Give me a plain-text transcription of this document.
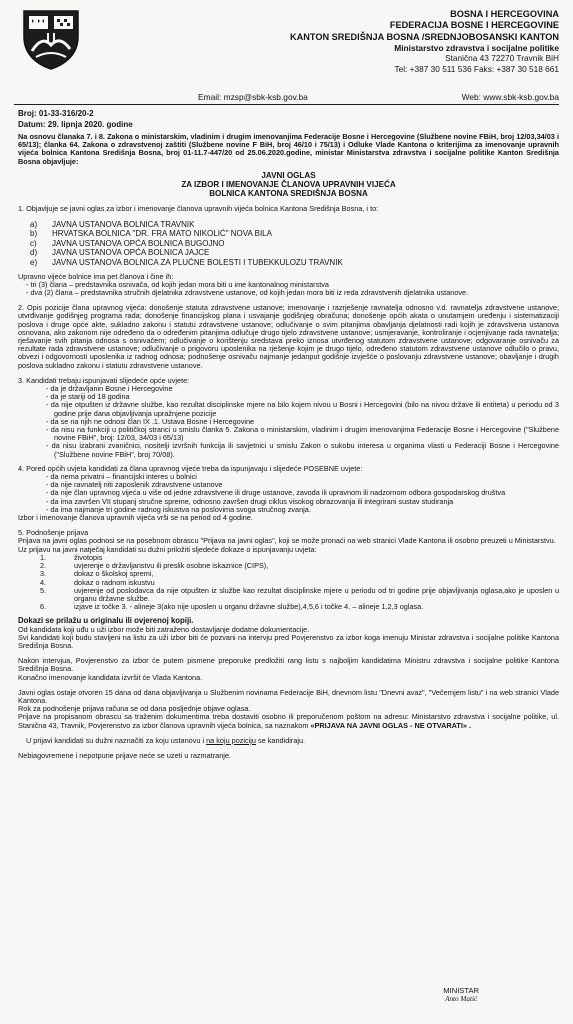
BOSNA I HERCEGOVINA
FEDERACIJA BOSNE I HERCEGOVINE
KANTON SREDIŠNJA BOSNA /SREDNJOBOSANSKI KANTON
Ministarstvo zdravstva i socijalne politike
Stanična 43 72270 Travnik BiH
Tel: +387 30 511 536 Faks: +387 30 518 661
Email: mzsp@sbk-ksb.gov.ba	Web: www.sbk-ksb.gov.ba
Broj: 01-33-316/20-2
Datum: 29. lipnja 2020. godine

Na osnovu članaka 7. i 8. Zakona o ministarskim, vladinim i drugim imenovanjima Federacije Bosne i Hercegovine (Službene novine FBiH, broj 12/03,34/03 i 65/13); članka 64. Zakona o zdravstvenoj zaštiti (Službene novine F BiH, broj 46/10 i 75/13) i Odluke Vlade Kantona o kriterijima za imenovanje upravnih vijeća bolnica Kantona Središnja Bosna, broj 01-11.7-447/20 od 25.06.2020.godine, ministar Ministarstva zdravstva i socijalne politike Kanton Središnja Bosna objavljuje:

JAVNI OGLAS
ZA IZBOR I IMENOVANJE ČLANOVA UPRAVNIH VIJEĆA
BOLNICA KANTONA SREDIŠNJA BOSNA

1. Objavljuje se javni oglas za izbor i imenovanje članova upravnih vijeća bolnica Kantona Središnja Bosna, i to:

a)	JAVNA USTANOVA BOLNICA TRAVNIK
b)	HRVATSKA BOLNICA "DR. FRA MATO NIKOLIĆ" NOVA BILA
c)	JAVNA USTANOVA OPĆA BOLNICA BUGOJNO
d)	JAVNA USTANOVA OPĆA BOLNICA JAJCE
e)	JAVNA USTANOVA BOLNICA ZA PLUĆNE BOLESTI I TUBEKKULOZU TRAVNIK

Upravno vijeće bolnice ima pet članova i čine ih:

- tri (3) člana – predstavnika osnivača, od kojih jedan mora biti u ime kantonalnog ministarstva

- dva (2) člana – predstavnika stručnih djelatnika zdravstvene ustanove, od kojih jedan mora biti iz reda zdravstvenih djelatnika ustanove.

2. Opis pozicije člana upravnog vijeća: donošenje statuta zdravstvene ustanove; imenovanje i razrješenje ravnatelja odnosno v.d. ravnatelja zdravstvene ustanove; utvrđivanje godišnjeg programa rada; donošenje financijskog plana i usvajanje godišnjeg obračuna; donošenje općih akata o unutarnjem uređenju i sistematizaciji poslova i druge opće akte, sukladno zakonu i statutu zdravstvene ustanove; odlučivanje o svim pitanjima obavljanja djelatnosti radi kojih je zdravstvena ustanova osnovana, ako zakonom nije određeno da o određenim pitanjima odlučuje drugo tijelo zdravstvene ustanove; usmjeravanje, kontroliranje i ocjenjivanje rada ravnatelja; rješavanje svih pitanja odnosa s osnivačem; odlučivanje o korištenju sredstava preko iznosa utvrđenog statutom zdravstvene ustanove; odgovaranje osnivaču za rezultate rada zdravstvene ustanove; odlučivanje o prigovoru uposlenika na rješenje kojim je drugo tijelo, određeno statutom zdravstvene ustanove odlučilo o pravu, obvezi i odgovornosti uposlenika iz radnog odnosa; podnošenje osnivaču najmanje jedanput godišnje izvješće o poslovanju zdravstvene ustanove; obavljanje i drugih poslova sukladno zakonu i statutu zdravstvene ustanove.

3. Kandidati trebaju ispunjavati slijedeće opće uvjete:

- da je državljanin Bosne i Hercegovine
- da je stariji od 18 godina
- da nije otpušten iz državne službe, kao rezultat disciplinske mjere na bilo kojem nivou u Bosni i Hercegovini (bilo na nivou države ili entiteta) u periodu od 3 godine prije dana objavljivanja upražnjene pozicije
- da se na njih ne odnosi član IX .1. Ustava Bosne i Hercegovine
- da nisu na funkciji u političkoj stranci u smislu članka 5. Zakona o ministarskim, vladinim i drugim imenovanjima Federacije Bosne i Hercegovine ("Službene novine FBiH", broj: 12/03, 34/03 i 65/13)
- da nisu izabrani zvaničnici, nositelji izvršnih funkcija ili savjetnici u smislu Zakon o sukobu interesa u organima vlasti u Federaciji Bosne i Hercegovine ("Službene novine FBiH", broj 70/08).

4. Pored općih uvjeta kandidati za člana upravnog vijeće treba da ispunjavaju i slijedeće POSEBNE uvjete:

- da nema privatni – financijski interes u bolnici
- da nije ravnatelj niti zaposlenik zdravstvene ustanove
- da nije član upravnog vijeća u više od jedne zdravstvene ili druge ustanove, zavoda ili upravnom ili nadzornom odbora gospodarskog društva
- da ima završen VII stupanj stručne spreme, odnosno završen drugi ciklus visokog obrazovanja ili integrirani sustav studiranja
- da ima najmanje tri godine radnog iskustva na poslovima svoga stručnog zvanja.

Izbor i imenovanje članova upravnih vijeća vrši se na period od 4 godine.

5. Podnošenje prijava

Prijava na javni oglas podnosi se na posebnom obrascu "Prijava na javni oglas", koji se može pronaći na web stranici Vlade Kantona ili osobno preuzeti u Ministarstvu.

Uz prijavu na javni natječaj kandidati su dužni priložiti sljedeće dokaze o ispunjavanju uvjeta:

1.	životopis
2.	uvjerenje o državljanstvu ili preslik osobne iskaznice (CIPS),
3.	dokaz o školskoj spremi,
4.	dokaz o radnom iskustvu
5.	uvjerenje od poslodavca da nije otpušten iz službe kao rezultat disciplinske mjere u periodu od tri godine prije objavljivanja oglasa,ako je uposlen u organu državne službe.
6.	izjave iz točke 3. - alineje 3(ako nije uposlen u organu državne službe),4,5,6 i točke 4. – alineje 1,2,3 oglasa.

Dokazi se prilažu u originalu ili ovjerenoj kopiji.

Od kandidata koji uđu u uži izbor može biti zatraženo dostavljanje dodatne dokumentacije.

Svi kandidati koji budu stavljeni na listu za uži izbor biti će pozvani na intervju pred Povjerenstvo za izbor koga imenuju Ministar zdravstva i socijalne politike Kantona Središnja Bosna.

Nakon intervjua, Povjerenstvo za izbor će putem pismene preporuke predložiti rang listu s najboljim kandidatima Ministru zdravstva i socijalne politike Kantona Središnja Bosna.

Konačno imenovanje kandidata izvršit će Vlada Kantona.

Javni oglas ostaje otvoren 15 dana od dana objavljivanja u Službenim novinama Federacije BiH, dnevnom listu "Dnevni avaz", "Večernjem listu" i na web stranici Vlade Kantona.

Rok za podnošenje prijava računa se od dana posljednje objave oglasa.

Prijave na propisanom obrascu sa traženim dokumentima treba dostaviti osobno ili preporučenom poštom na adresu: Ministarstvo zdravstva i socijalne politike, ul. Stanična 43, Travnik, Povjerenstvo za izbor članova upravnih vijeća bolnica, sa naznakom «PRIJAVA NA JAVNI OGLAS - NE OTVARATI» .

U prijavi kandidati su dužni naznačiti za koju ustanovu i na koju poziciju se kandidiraju.

Nebiagovremene i nepotpune prijave neće se uzeti u razmatranje.

MINISTAR
Anto Matić
